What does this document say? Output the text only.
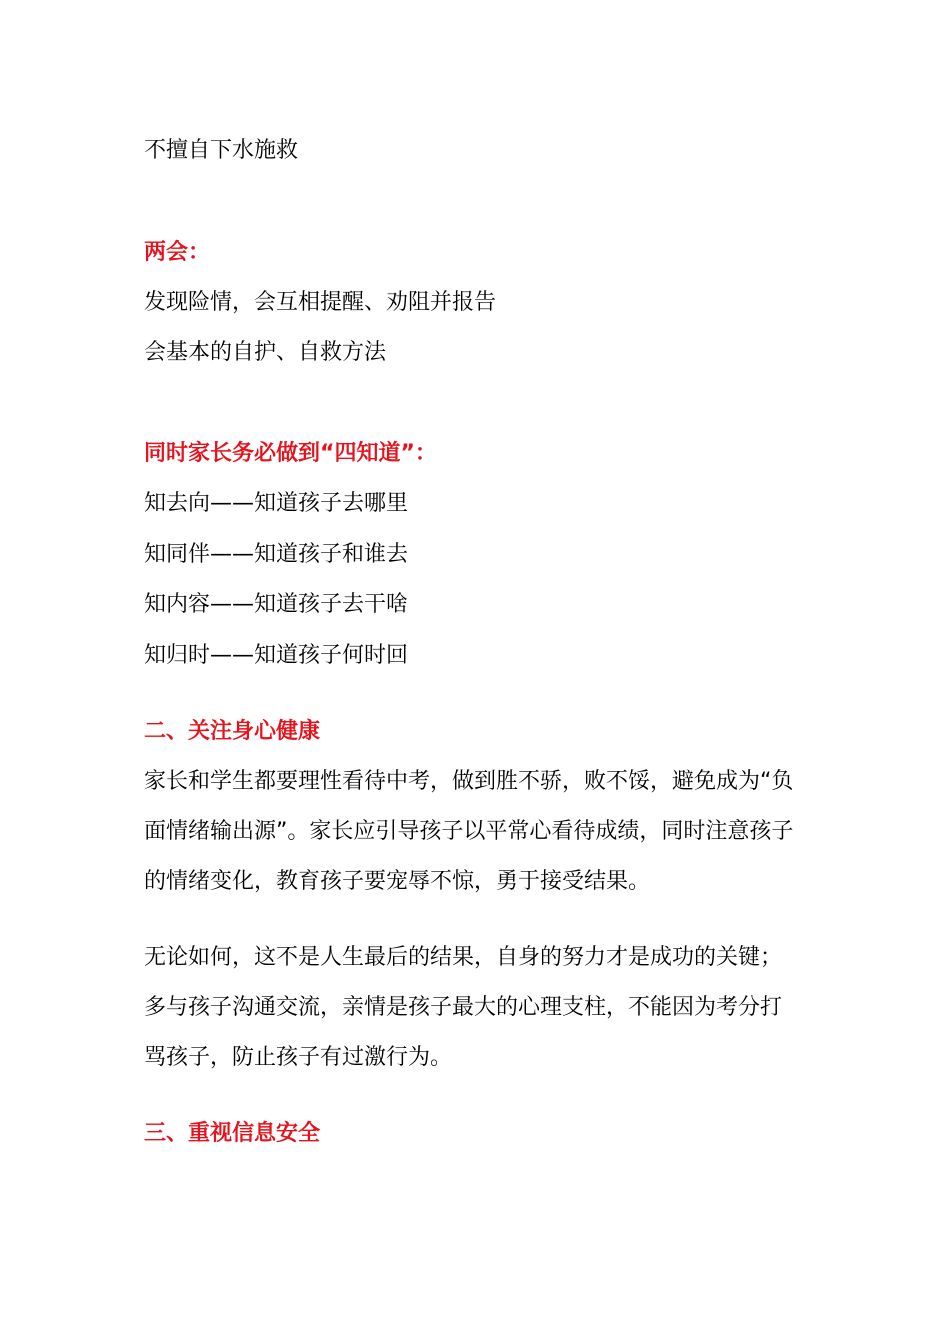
不擅自下水施救
两会：
发现险情，会互相提醒、劝阻并报告
会基本的自护、自救方法
同时家长务必做到“四知道”：
知去向——知道孩子去哪里
知同伴——知道孩子和谁去
知内容——知道孩子去干啥
知归时——知道孩子何时回
二、关注身心健康

家长和学生都要理性看待中考，做到胜不骄，败不馁，避免成为“负面情绪输出源”。家长应引导孩子以平常心看待成绩，同时注意孩子的情绪变化，教育孩子要宠辱不惊，勇于接受结果。

无论如何，这不是人生最后的结果，自身的努力才是成功的关键；多与孩子沟通交流，亲情是孩子最大的心理支柱，不能因为考分打骂孩子，防止孩子有过激行为。

三、重视信息安全
